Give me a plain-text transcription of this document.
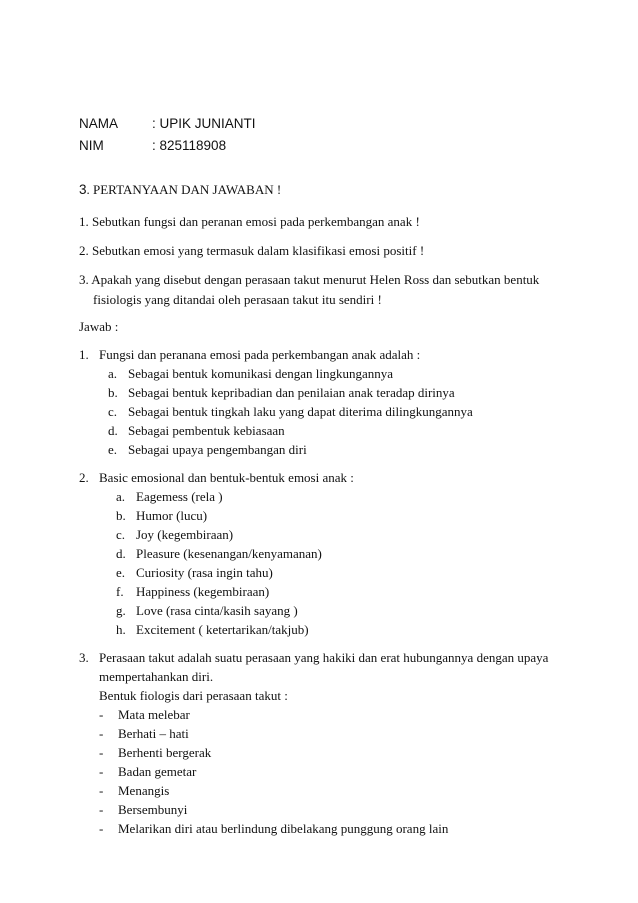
NAMA	: UPIK JUNIANTI
NIM	: 825118908
3. PERTANYAAN DAN JAWABAN !
1. Sebutkan fungsi dan peranan emosi pada perkembangan anak !
2. Sebutkan emosi yang termasuk dalam klasifikasi emosi positif !
3. Apakah yang disebut dengan perasaan takut menurut Helen Ross dan sebutkan bentuk
fisiologis yang ditandai oleh perasaan takut itu sendiri !
Jawab :
1. Fungsi dan peranana emosi pada perkembangan anak adalah :
a. Sebagai bentuk komunikasi dengan lingkungannya
b. Sebagai bentuk kepribadian dan penilaian anak teradap dirinya
c. Sebagai bentuk tingkah laku yang dapat diterima dilingkungannya
d. Sebagai pembentuk kebiasaan
e. Sebagai upaya pengembangan diri
2. Basic emosional dan bentuk-bentuk emosi anak :
a. Eagemess (rela )
b. Humor (lucu)
c. Joy (kegembiraan)
d. Pleasure (kesenangan/kenyamanan)
e. Curiosity (rasa ingin tahu)
f. Happiness (kegembiraan)
g. Love (rasa cinta/kasih sayang )
h. Excitement ( ketertarikan/takjub)
3. Perasaan takut adalah suatu perasaan yang hakiki dan erat hubungannya dengan upaya
mempertahankan diri.
Bentuk fiologis dari perasaan takut :
- Mata melebar
- Berhati – hati
- Berhenti bergerak
- Badan gemetar
- Menangis
- Bersembunyi
- Melarikan diri atau berlindung dibelakang punggung orang lain
